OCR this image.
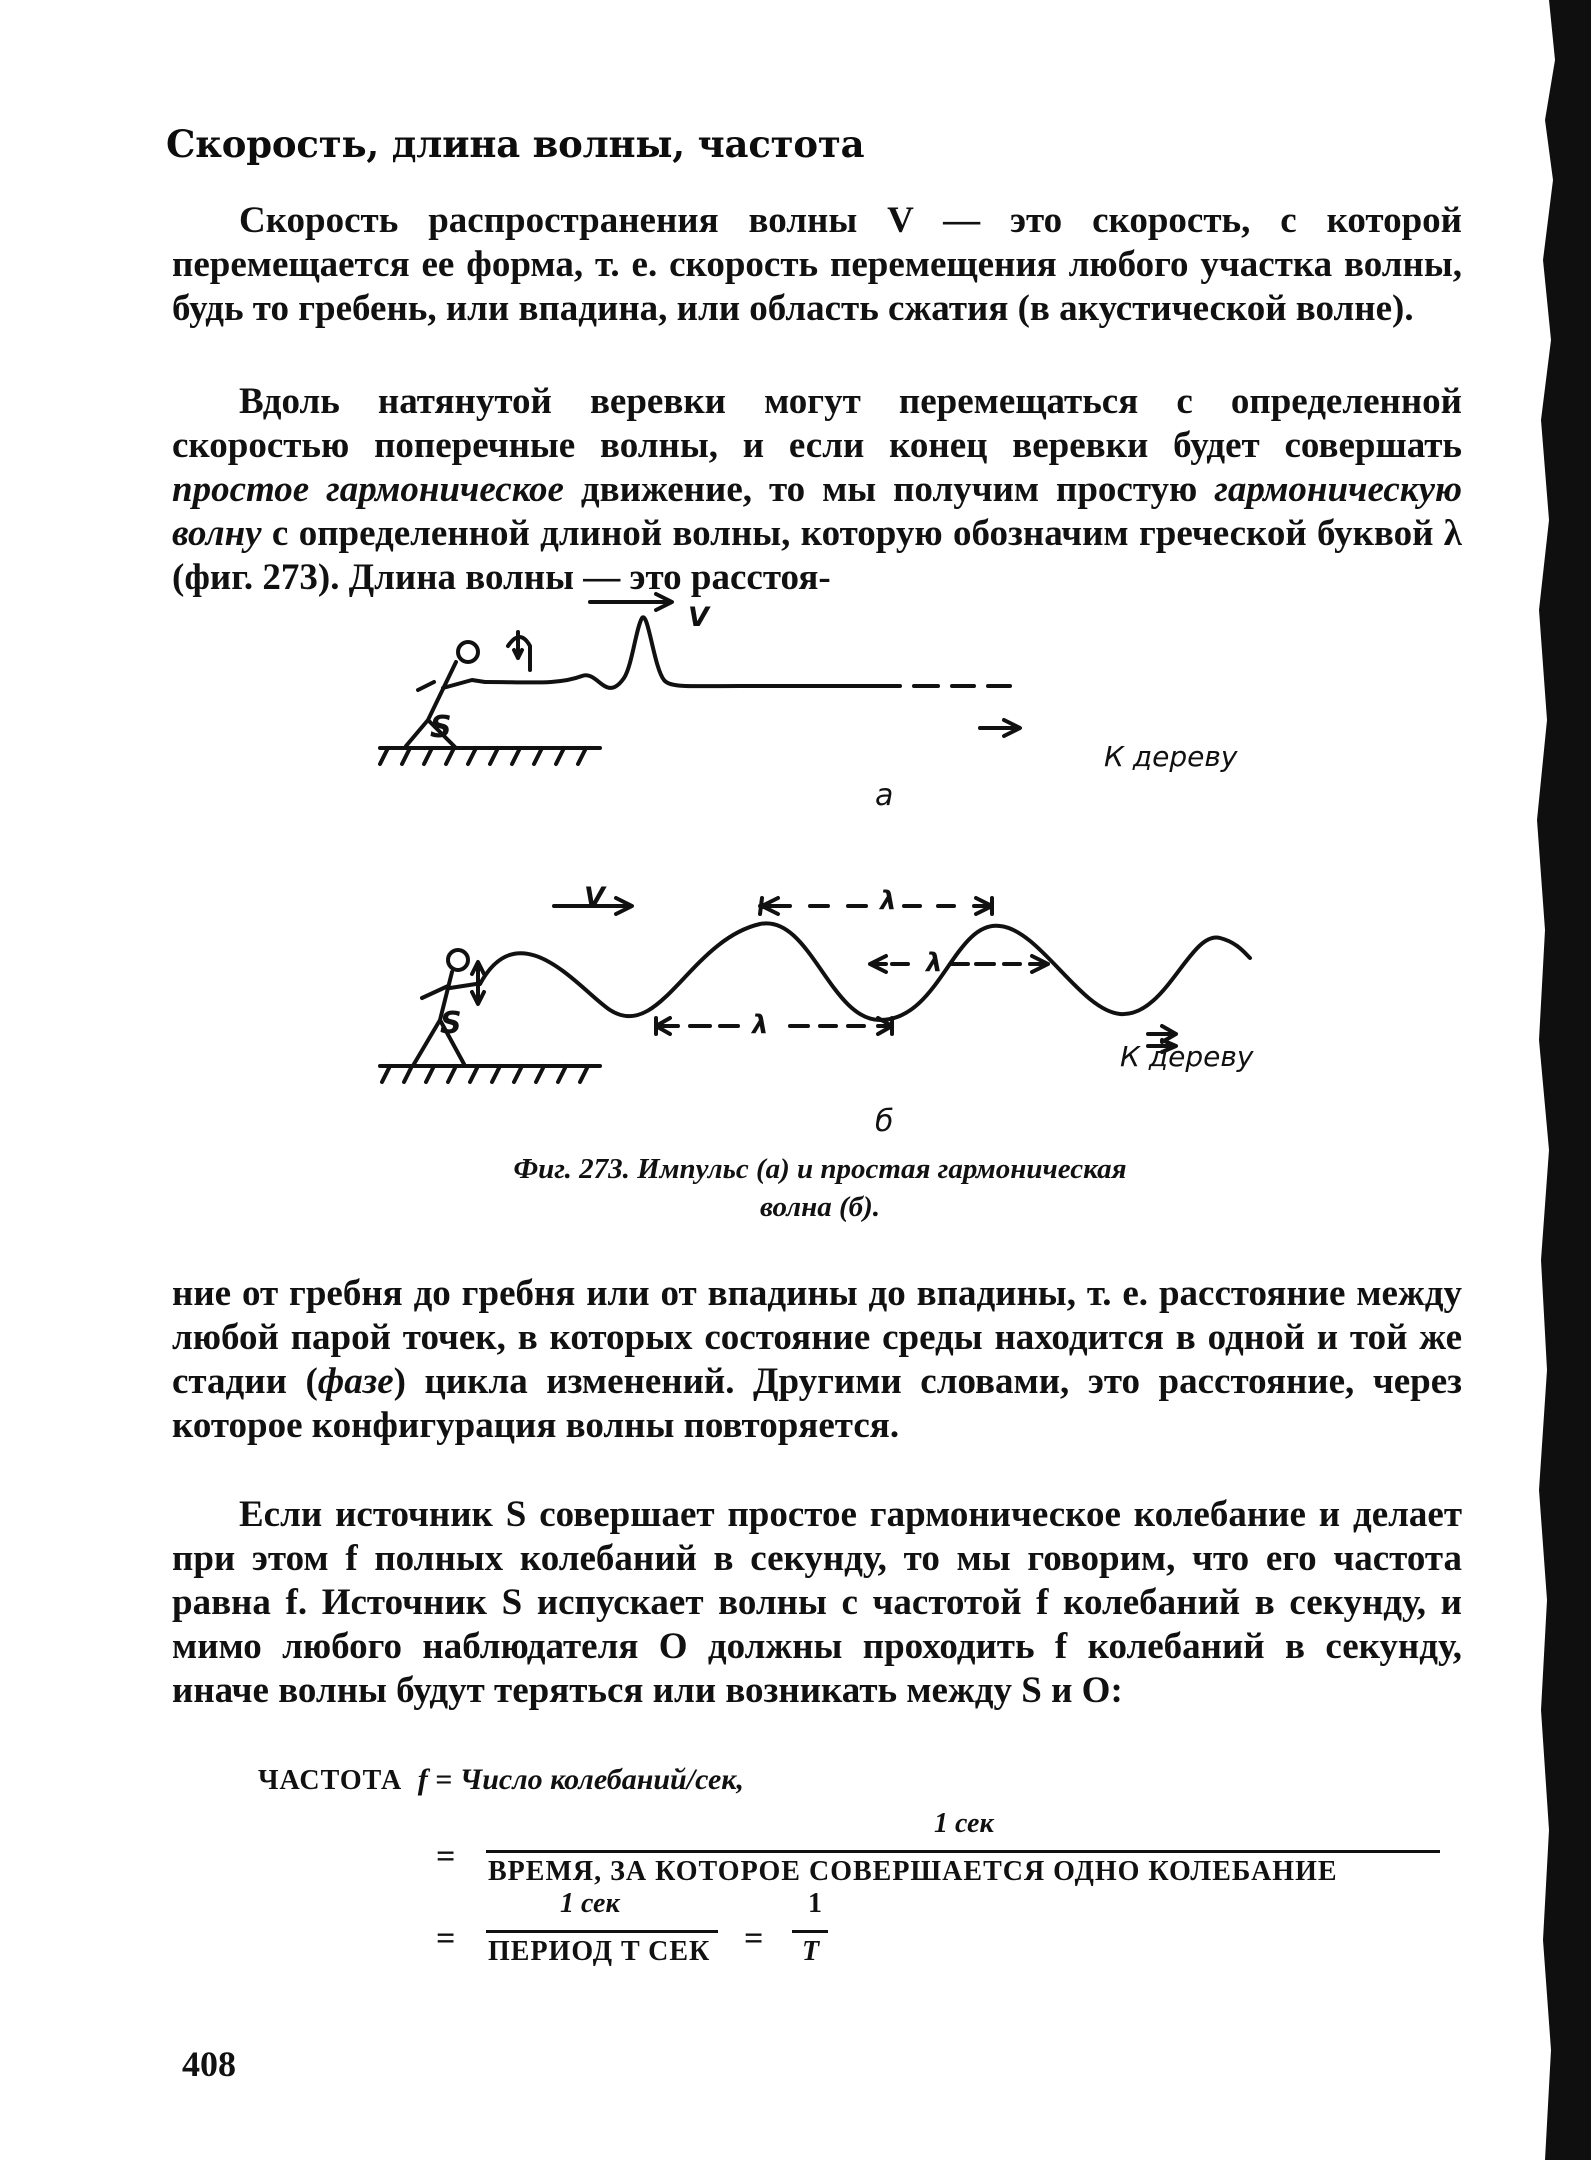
Скорость, длина волны, частота
Скорость распространения волны V — это скорость, с которой перемещается ее форма, т. е. скорость перемещения любого участка волны, будь то гребень, или впадина, или область сжатия (в акустической волне).
Вдоль натянутой веревки могут перемещаться с определенной скоростью поперечные волны, и если конец веревки будет совершать простое гармоническое движение, то мы получим простую гармоническую волну с определенной длиной волны, которую обозначим греческой буквой λ (фиг. 273). Длина волны — это расстоя-
V
S
К дереву
а
V
S
λ
λ
λ
К дереву
б
Фиг. 273. Импульс (а) и простая гармоническая
волна (б).
ние от гребня до гребня или от впадины до впадины, т. е. расстояние между любой парой точек, в которых состояние среды находится в одной и той же стадии (фазе) цикла изменений. Другими словами, это расстояние, через которое конфигурация волны повторяется.
Если источник S совершает простое гармоническое колебание и делает при этом f полных колебаний в секунду, то мы говорим, что его частота равна f. Источник S испускает волны с частотой f колебаний в секунду, и мимо любого наблюдателя O должны проходить f колебаний в секунду, иначе волны будут теряться или возникать между S и O:
ЧАСТОТА f = Число колебаний/сек,
=
1 сек
ВРЕМЯ, ЗА КОТОРОЕ СОВЕРШАЕТСЯ ОДНО КОЛЕБАНИЕ
=
1 сек
ПЕРИОД T СЕК =
1
T
408
